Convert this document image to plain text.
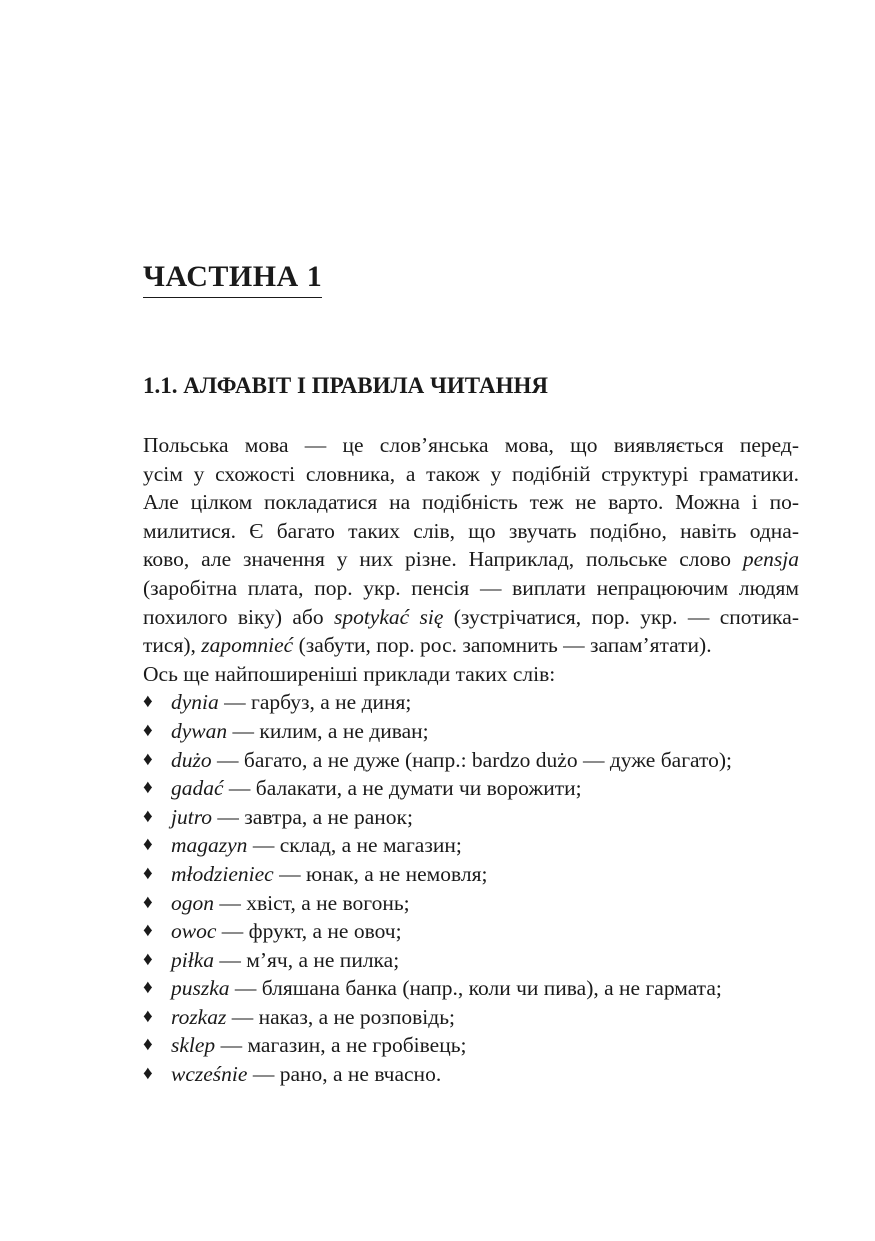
ЧАСТИНА 1
1.1. АЛФАВІТ І ПРАВИЛА ЧИТАННЯ
Польська мова — це слов’янська мова, що виявляється перед-
усім у схожості словника, а також у подібній структурі граматики.
Але цілком покладатися на подібність теж не варто. Можна і по-
милитися. Є багато таких слів, що звучать подібно, навіть одна-
ково, але значення у них різне. Наприклад, польське слово pensja
(заробітна плата, пор. укр. пенсія — виплати непрацюючим людям
похилого віку) або spotykać się (зустрічатися, пор. укр. — спотика-
тися), zapomnieć (забути, пор. рос. запомнить — запам’ятати).

Ось ще найпоширеніші приклади таких слів:

♦ dynia — гарбуз, а не диня;
♦ dywan — килим, а не диван;
♦ dużo — багато, а не дуже (напр.: bardzo dużo — дуже багато);
♦ gadać — балакати, а не думати чи ворожити;
♦ jutro — завтра, а не ранок;
♦ magazyn — склад, а не магазин;
♦ młodzieniec — юнак, а не немовля;
♦ ogon — хвіст, а не вогонь;
♦ owoc — фрукт, а не овоч;
♦ piłka — м’яч, а не пилка;
♦ puszka — бляшана банка (напр., коли чи пива), а не гармата;
♦ rozkaz — наказ, а не розповідь;
♦ sklep — магазин, а не гробівець;
♦ wcześnie — рано, а не вчасно.
